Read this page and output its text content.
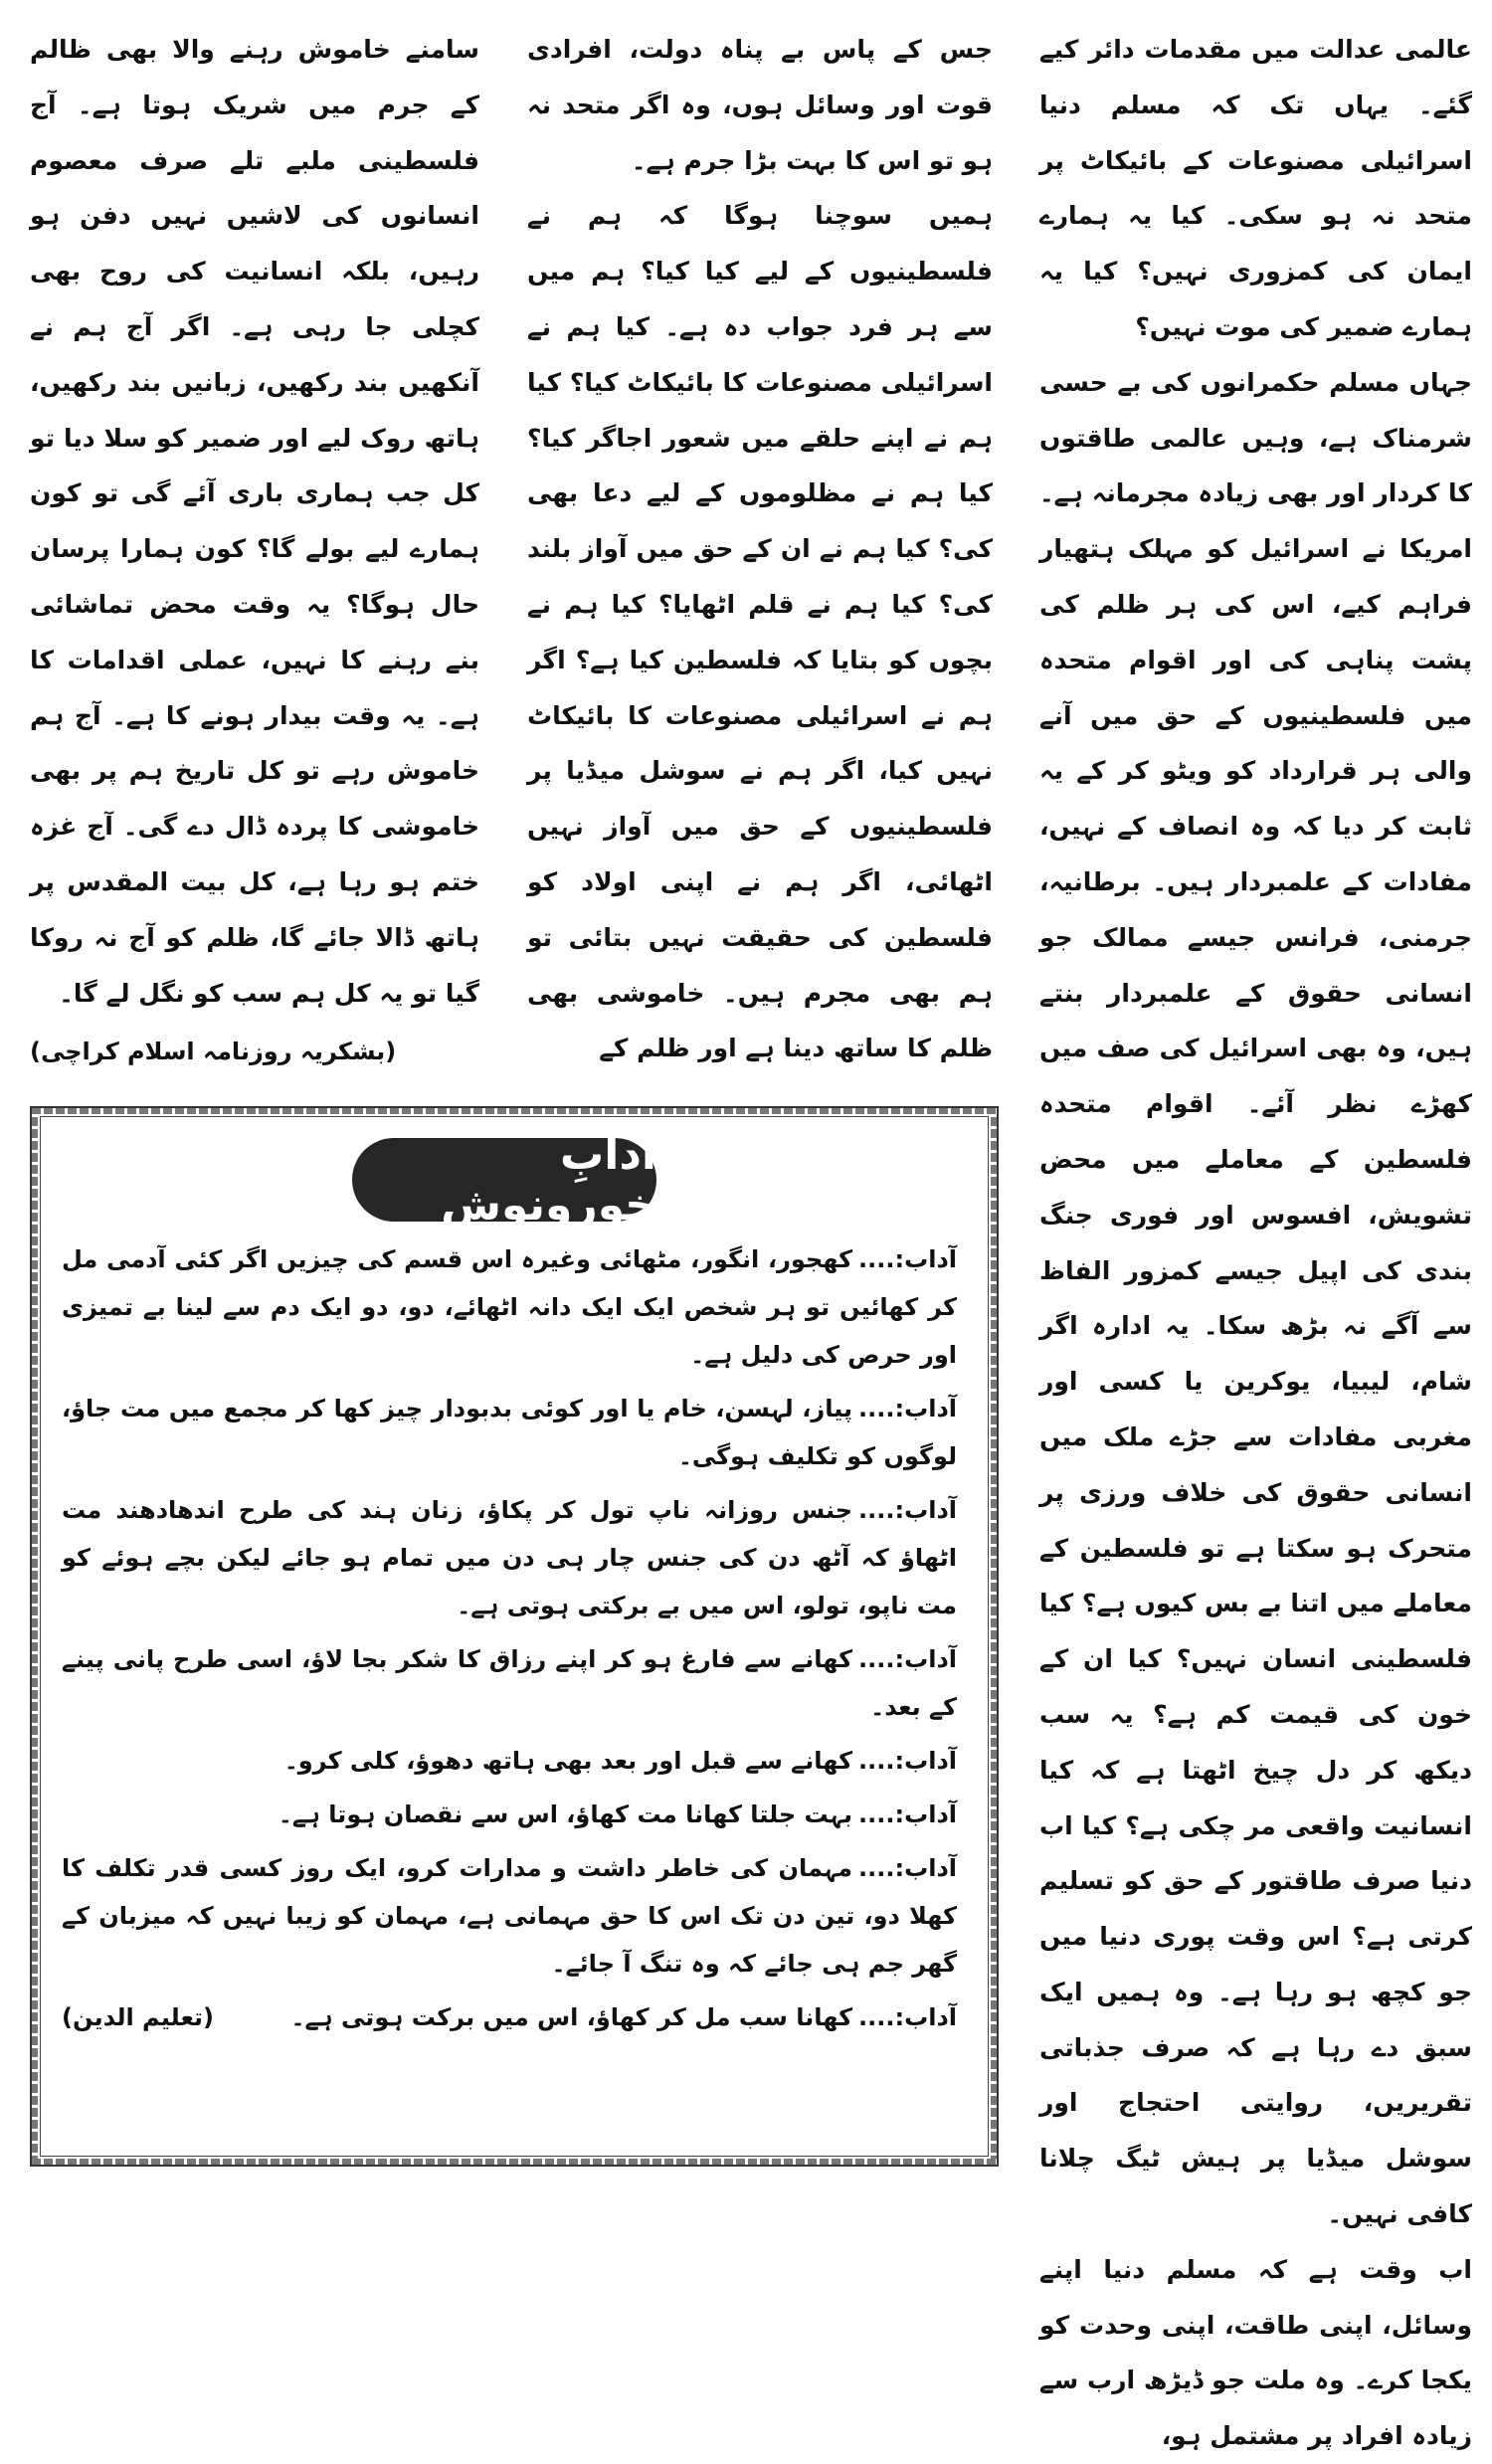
عالمی عدالت میں مقدمات دائر کیے گئے۔ یہاں تک کہ مسلم دنیا اسرائیلی مصنوعات کے بائیکاٹ پر متحد نہ ہو سکی۔ کیا یہ ہمارے ایمان کی کمزوری نہیں؟ کیا یہ ہمارے ضمیر کی موت نہیں؟

جہاں مسلم حکمرانوں کی بے حسی شرمناک ہے، وہیں عالمی طاقتوں کا کردار اور بھی زیادہ مجرمانہ ہے۔ امریکا نے اسرائیل کو مہلک ہتھیار فراہم کیے، اس کی ہر ظلم کی پشت پناہی کی اور اقوام متحدہ میں فلسطینیوں کے حق میں آنے والی ہر قرارداد کو ویٹو کر کے یہ ثابت کر دیا کہ وہ انصاف کے نہیں، مفادات کے علمبردار ہیں۔ برطانیہ، جرمنی، فرانس جیسے ممالک جو انسانی حقوق کے علمبردار بنتے ہیں، وہ بھی اسرائیل کی صف میں کھڑے نظر آئے۔ اقوام متحدہ فلسطین کے معاملے میں محض تشویش، افسوس اور فوری جنگ بندی کی اپیل جیسے کمزور الفاظ سے آگے نہ بڑھ سکا۔ یہ ادارہ اگر شام، لیبیا، یوکرین یا کسی اور مغربی مفادات سے جڑے ملک میں انسانی حقوق کی خلاف ورزی پر متحرک ہو سکتا ہے تو فلسطین کے معاملے میں اتنا بے بس کیوں ہے؟ کیا فلسطینی انسان نہیں؟ کیا ان کے خون کی قیمت کم ہے؟ یہ سب دیکھ کر دل چیخ اٹھتا ہے کہ کیا انسانیت واقعی مر چکی ہے؟ کیا اب دنیا صرف طاقتور کے حق کو تسلیم کرتی ہے؟ اس وقت پوری دنیا میں جو کچھ ہو رہا ہے۔ وہ ہمیں ایک سبق دے رہا ہے کہ صرف جذباتی تقریریں، روایتی احتجاج اور سوشل میڈیا پر ہیش ٹیگ چلانا کافی نہیں۔

اب وقت ہے کہ مسلم دنیا اپنے وسائل، اپنی طاقت، اپنی وحدت کو یکجا کرے۔ وہ ملت جو ڈیڑھ ارب سے زیادہ افراد پر مشتمل ہو،

جس کے پاس بے پناہ دولت، افرادی قوت اور وسائل ہوں، وہ اگر متحد نہ ہو تو اس کا بہت بڑا جرم ہے۔

ہمیں سوچنا ہوگا کہ ہم نے فلسطینیوں کے لیے کیا کیا؟ ہم میں سے ہر فرد جواب دہ ہے۔ کیا ہم نے اسرائیلی مصنوعات کا بائیکاٹ کیا؟ کیا ہم نے اپنے حلقے میں شعور اجاگر کیا؟ کیا ہم نے مظلوموں کے لیے دعا بھی کی؟ کیا ہم نے ان کے حق میں آواز بلند کی؟ کیا ہم نے قلم اٹھایا؟ کیا ہم نے بچوں کو بتایا کہ فلسطین کیا ہے؟ اگر ہم نے اسرائیلی مصنوعات کا بائیکاٹ نہیں کیا، اگر ہم نے سوشل میڈیا پر فلسطینیوں کے حق میں آواز نہیں اٹھائی، اگر ہم نے اپنی اولاد کو فلسطین کی حقیقت نہیں بتائی تو ہم بھی مجرم ہیں۔ خاموشی بھی ظلم کا ساتھ دینا ہے اور ظلم کے

سامنے خاموش رہنے والا بھی ظالم کے جرم میں شریک ہوتا ہے۔ آج فلسطینی ملبے تلے صرف معصوم انسانوں کی لاشیں نہیں دفن ہو رہیں، بلکہ انسانیت کی روح بھی کچلی جا رہی ہے۔ اگر آج ہم نے آنکھیں بند رکھیں، زبانیں بند رکھیں، ہاتھ روک لیے اور ضمیر کو سلا دیا تو کل جب ہماری باری آئے گی تو کون ہمارے لیے بولے گا؟ کون ہمارا پرسان حال ہوگا؟ یہ وقت محض تماشائی بنے رہنے کا نہیں، عملی اقدامات کا ہے۔ یہ وقت بیدار ہونے کا ہے۔ آج ہم خاموش رہے تو کل تاریخ ہم پر بھی خاموشی کا پردہ ڈال دے گی۔ آج غزہ ختم ہو رہا ہے، کل بیت المقدس پر ہاتھ ڈالا جائے گا، ظلم کو آج نہ روکا گیا تو یہ کل ہم سب کو نگل لے گا۔

(بشکریہ روزنامہ اسلام کراچی)
آدابِ خورونوش
آداب:....کھجور، انگور، مٹھائی وغیرہ اس قسم کی چیزیں اگر کئی آدمی مل کر کھائیں تو ہر شخص ایک ایک دانہ اٹھائے، دو، دو ایک دم سے لینا بے تمیزی اور حرص کی دلیل ہے۔
آداب:....پیاز، لہسن، خام یا اور کوئی بدبودار چیز کھا کر مجمع میں مت جاؤ، لوگوں کو تکلیف ہوگی۔
آداب:....جنس روزانہ ناپ تول کر پکاؤ، زنان ہند کی طرح اندھادھند مت اٹھاؤ کہ آٹھ دن کی جنس چار ہی دن میں تمام ہو جائے لیکن بچے ہوئے کو مت ناپو، تولو، اس میں بے برکتی ہوتی ہے۔
آداب:....کھانے سے فارغ ہو کر اپنے رزاق کا شکر بجا لاؤ، اسی طرح پانی پینے کے بعد۔
آداب:....کھانے سے قبل اور بعد بھی ہاتھ دھوؤ، کلی کرو۔
آداب:....بہت جلتا کھانا مت کھاؤ، اس سے نقصان ہوتا ہے۔
آداب:....مہمان کی خاطر داشت و مدارات کرو، ایک روز کسی قدر تکلف کا کھلا دو، تین دن تک اس کا حق مہمانی ہے، مہمان کو زیبا نہیں کہ میزبان کے گھر جم ہی جائے کہ وہ تنگ آ جائے۔
آداب:....کھانا سب مل کر کھاؤ، اس میں برکت ہوتی ہے۔
(تعلیم الدین)
